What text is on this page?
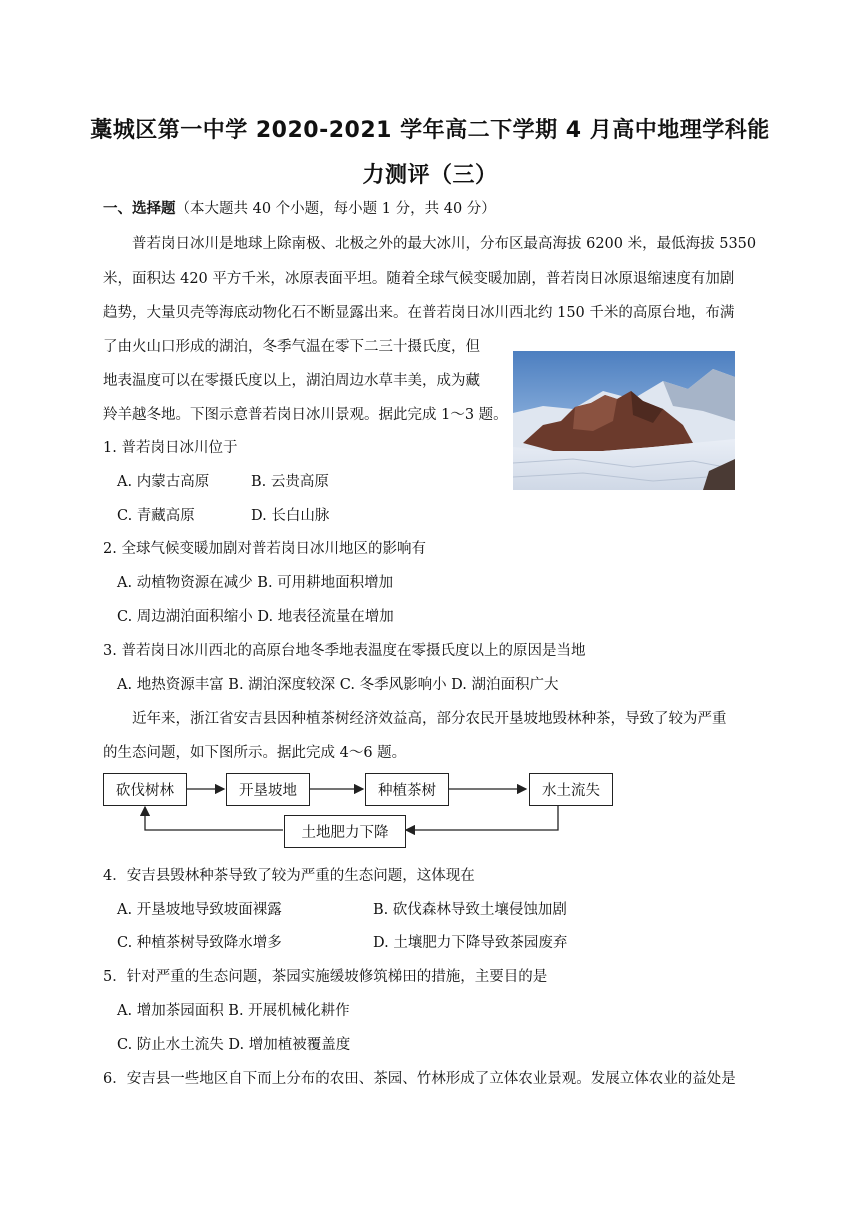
藁城区第一中学 2020-2021 学年高二下学期 4 月高中地理学科能
力测评（三）
一、选择题（本大题共 40 个小题，每小题 1 分，共 40 分）
普若岗日冰川是地球上除南极、北极之外的最大冰川，分布区最高海拔 6200 米，最低海拔 5350
米，面积达 420 平方千米，冰原表面平坦。随着全球气候变暖加剧，普若岗日冰原退缩速度有加剧
趋势，大量贝壳等海底动物化石不断显露出来。在普若岗日冰川西北约 150 千米的高原台地，布满
了由火山口形成的湖泊，冬季气温在零下二三十摄氏度，但
地表温度可以在零摄氏度以上，湖泊周边水草丰美，成为藏
羚羊越冬地。下图示意普若岗日冰川景观。据此完成 1～3 题。
1. 普若岗日冰川位于
A. 内蒙古高原	B. 云贵高原
C. 青藏高原	D. 长白山脉
2. 全球气候变暖加剧对普若岗日冰川地区的影响有
A. 动植物资源在减少 B. 可用耕地面积增加
C. 周边湖泊面积缩小 D. 地表径流量在增加
3. 普若岗日冰川西北的高原台地冬季地表温度在零摄氏度以上的原因是当地
A. 地热资源丰富 B. 湖泊深度较深 C. 冬季风影响小 D. 湖泊面积广大
近年来，浙江省安吉县因种植茶树经济效益高，部分农民开垦坡地毁林种茶，导致了较为严重
的生态问题，如下图所示。据此完成 4～6 题。
砍伐树林	开垦坡地	种植茶树	水土流失
土地肥力下降
4．安吉县毁林种茶导致了较为严重的生态问题，这体现在
A. 开垦坡地导致坡面裸露	B. 砍伐森林导致土壤侵蚀加剧
C. 种植茶树导致降水增多	D. 土壤肥力下降导致茶园废弃
5．针对严重的生态问题，茶园实施缓坡修筑梯田的措施，主要目的是
A. 增加茶园面积 B. 开展机械化耕作
C. 防止水土流失 D. 增加植被覆盖度
6．安吉县一些地区自下而上分布的农田、茶园、竹林形成了立体农业景观。发展立体农业的益处是
